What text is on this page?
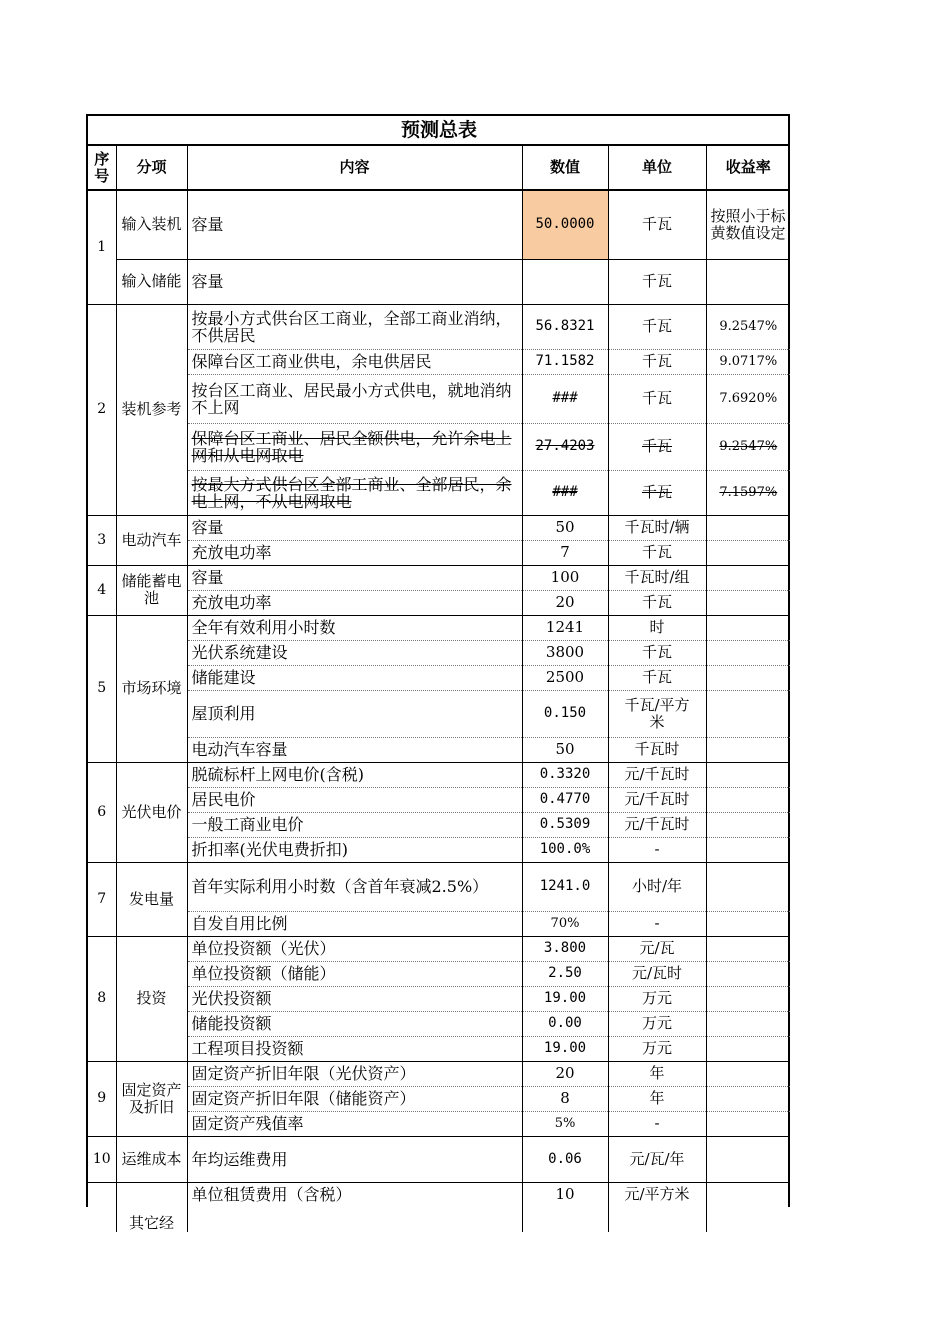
预测总表					
序号	分项	内容	数值	单位	收益率
1	输入装机	容量	50.0000	千瓦	按照小于标黄数值设定
	输入储能	容量		千瓦	
2	装机参考	按最小方式供台区工商业，全部工商业消纳，不供居民	56.8321	千瓦	9.2547%
		保障台区工商业供电，余电供居民	71.1582	千瓦	9.0717%
		按台区工商业、居民最小方式供电，就地消纳不上网	###	千瓦	7.6920%
		保障台区工商业、居民全额供电，允许余电上网和从电网取电	27.4203	千瓦	9.2547%
		按最大方式供台区全部工商业、全部居民，余电上网，不从电网取电	###	千瓦	7.1597%
3	电动汽车	容量	50	千瓦时/辆	
		充放电功率	7	千瓦	
4	储能蓄电池	容量	100	千瓦时/组	
		充放电功率	20	千瓦	
5	市场环境	全年有效利用小时数	1241	时	
		光伏系统建设	3800	千瓦	
		储能建设	2500	千瓦	
		屋顶利用	0.150	千瓦/平方米	
		电动汽车容量	50	千瓦时	
6	光伏电价	脱硫标杆上网电价(含税)	0.3320	元/千瓦时	
		居民电价	0.4770	元/千瓦时	
		一般工商业电价	0.5309	元/千瓦时	
		折扣率(光伏电费折扣)	100.0%	-	
7	发电量	首年实际利用小时数（含首年衰减2.5%）	1241.0	小时/年	
		自发自用比例	70%	-	
8	投资	单位投资额（光伏）	3.800	元/瓦	
		单位投资额（储能）	2.50	元/瓦时	
		光伏投资额	19.00	万元	
		储能投资额	0.00	万元	
		工程项目投资额	19.00	万元	
9	固定资产及折旧	固定资产折旧年限（光伏资产）	20	年	
		固定资产折旧年限（储能资产）	8	年	
		固定资产残值率	5%	-	
10	运维成本	年均运维费用	0.06	元/瓦/年	
	其它经	单位租赁费用（含税）	10	元/平方米	
